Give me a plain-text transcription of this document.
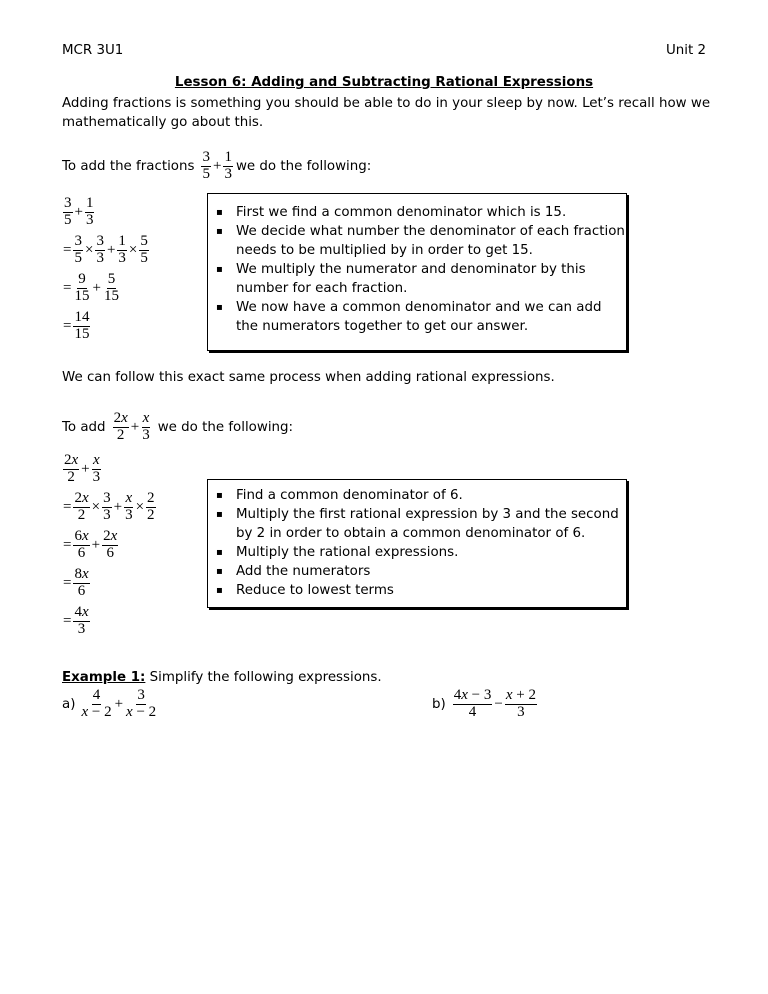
MCR 3U1	Unit 2
Lesson 6: Adding and Subtracting Rational Expressions
Adding fractions is something you should be able to do in your sleep by now. Let’s recall how we mathematically go about this.
To add the fractions $\frac{3}{5} + \frac{1}{3}$ we do the following:
$\frac{3}{5} + \frac{1}{3}$
= $\frac{3}{5} \times \frac{3}{3} + \frac{1}{3} \times \frac{5}{5}$
= $\frac{9}{15} + \frac{5}{15}$
= $\frac{14}{15}$
▪ First we find a common denominator which is 15.
▪ We decide what number the denominator of each fraction needs to be multiplied by in order to get 15.
▪ We multiply the numerator and denominator by this number for each fraction.
▪ We now have a common denominator and we can add the numerators together to get our answer.
We can follow this exact same process when adding rational expressions.
To add $\frac{2x}{2} + \frac{x}{3}$ we do the following:
$\frac{2x}{2} + \frac{x}{3}$
= $\frac{2x}{2} \times \frac{3}{3} + \frac{x}{3} \times \frac{2}{2}$
= $\frac{6x}{6} + \frac{2x}{6}$
= $\frac{8x}{6}$
= $\frac{4x}{3}$
▪ Find a common denominator of 6.
▪ Multiply the first rational expression by 3 and the second by 2 in order to obtain a common denominator of 6.
▪ Multiply the rational expressions.
▪ Add the numerators
▪ Reduce to lowest terms
Example 1: Simplify the following expressions.
$a) \frac{4}{x - 2} + \frac{3}{x - 2}$	$b) \frac{4x - 3}{4} - \frac{x + 2}{3}$
